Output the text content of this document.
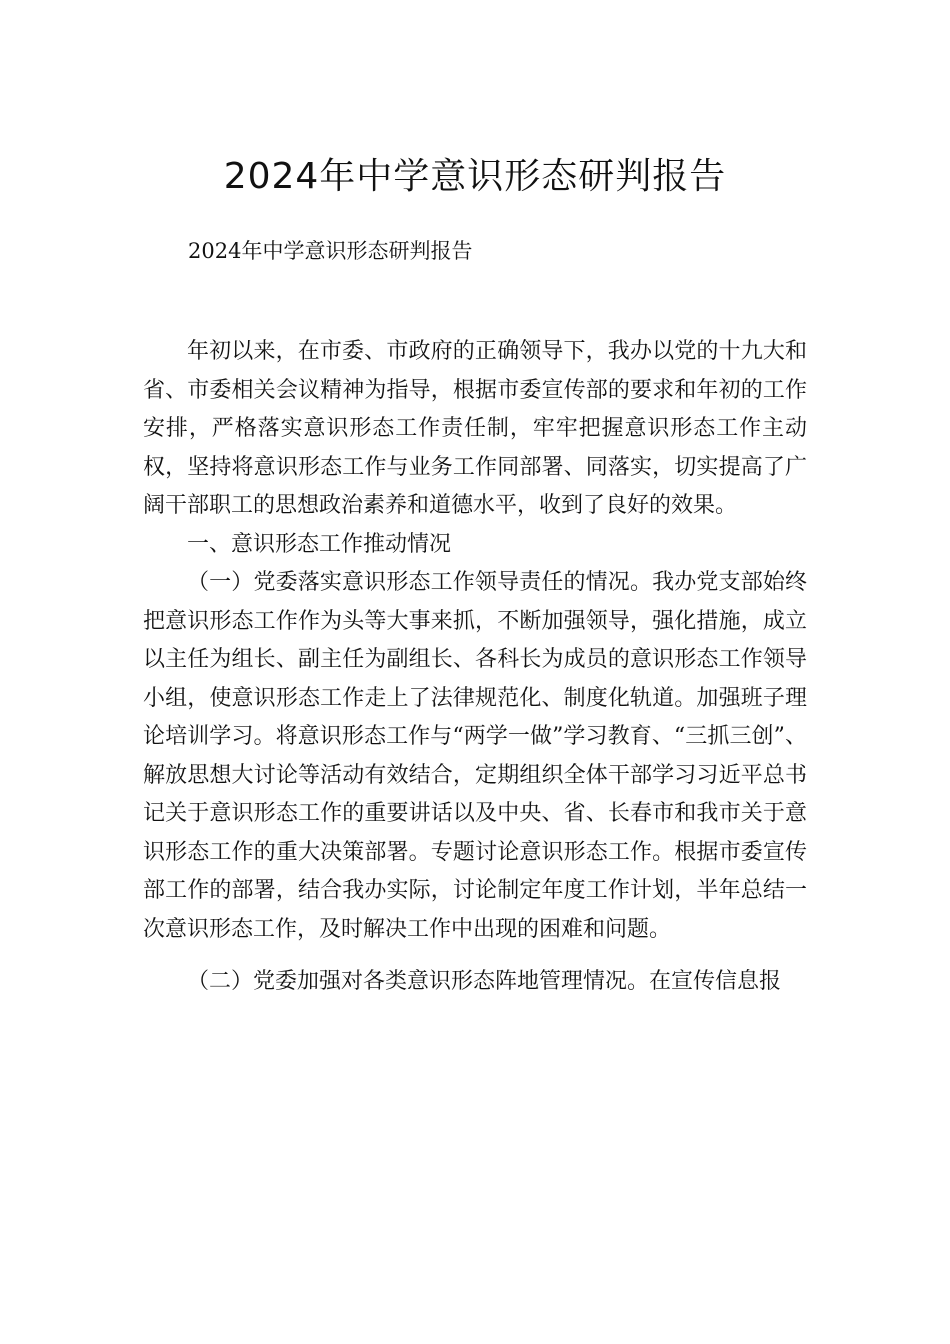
2024年中学意识形态研判报告
2024年中学意识形态研判报告

年初以来，在市委、市政府的正确领导下，我办以党的十九大和省、市委相关会议精神为指导，根据市委宣传部的要求和年初的工作安排，严格落实意识形态工作责任制，牢牢把握意识形态工作主动权，坚持将意识形态工作与业务工作同部署、同落实，切实提高了广阔干部职工的思想政治素养和道德水平，收到了良好的效果。

一、意识形态工作推动情况

（一）党委落实意识形态工作领导责任的情况。我办党支部始终把意识形态工作作为头等大事来抓，不断加强领导，强化措施，成立以主任为组长、副主任为副组长、各科长为成员的意识形态工作领导小组，使意识形态工作走上了法律规范化、制度化轨道。加强班子理论培训学习。将意识形态工作与“两学一做”学习教育、“三抓三创”、解放思想大讨论等活动有效结合，定期组织全体干部学习习近平总书记关于意识形态工作的重要讲话以及中央、省、长春市和我市关于意识形态工作的重大决策部署。专题讨论意识形态工作。根据市委宣传部工作的部署，结合我办实际，讨论制定年度工作计划，半年总结一次意识形态工作，及时解决工作中出现的困难和问题。

（二）党委加强对各类意识形态阵地管理情况。在宣传信息报
